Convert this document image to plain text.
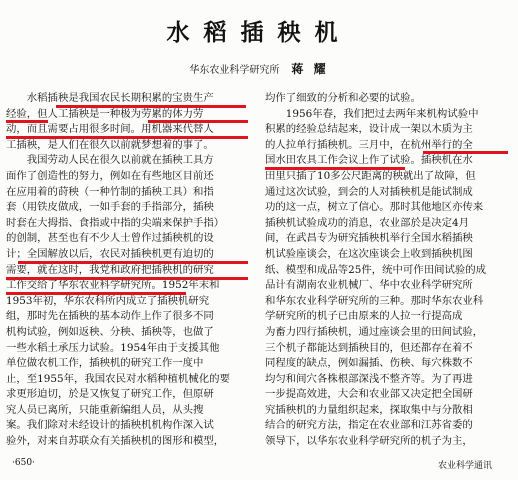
水稻插秧机
华东农业科学研究所 蒋 耀
　　水稻插秧是我国农民长期积累的宝贵生产
经验，但人工插秧是一种极为劳累的体力劳
动，而且需要占用很多时间。用机器来代替人
工插秧，是人们在很久以前就梦想着的事了。
　　我国劳动人民在很久以前就在插秧工具方
面作了创造性的努力，例如在有些地区目前还
在应用着的莳秧（一种竹制的插秧工具）和指
套（用铁皮做成，一如手套的手指部分，插秧
时套在大拇指、食指或中指的尖端来保护手指）
的创制，甚至也有不少人士曾作过插秧机的设
计；全国解放以后，农民对插秧机更有迫切的
需要，就在这时，我党和政府把插秧机的研究
工作交给了华东农业科学研究所。1952年末和
1953年初，华东农科所内成立了插秧机研究
组，那时先在插秧的基本动作上作了很多不同
机构试验，例如返秧、分秧、插秧等，也做了
一些水稻土承压力试验。1954年由于支援其他
单位做农机工作，插秧机的研究工作一度中
止，至1955年，我国农民对水稻种植机械化的要
求更形迫切，於是又恢复了研究工作，但原研
究人员已离所，只能重新编组人员，从头搜
案。我们除对未经设计的插秧机机构作深入试
验外，对来自苏联众有关插秧机的图形和模型，
均作了细致的分析和必要的试验。
　　1956年春，我们把过去两年来机构试验中
积累的经验总结起来，设计成一架以木质为主
的人拉单行插秧机。三月中，在杭州举行的全
国水田农具工作会议上作了试验。插秧机在水
田里只插了10多公尺距离的秧就出了故障，但
通过这次试验，到会的人对插秧机是能试制成
功的这一点，树立了信心。那时其他地区亦传来
插秧机试验成功的消息，农业部於是决定4月
间，在武昌专为研究插秧机举行全国水稻插秧
机试验座谈会，在这次座谈会上收到插秧机图
纸、模型和成品等25件，统中可作田间试验的成
品计有湖南农业机械厂、华中农业科学研究所
和华东农业科学研究所的三种。那时华东农业科
学研究所的机子已由原来的人拉一行提高成
为畜力四行插秧机，通过座谈会里的田间试验，
三个机子都能达到插秧目的，但还都存在着不
同程度的缺点，例如漏插、伤秧、每穴株数不
均匀和间穴各株根部深浅不整齐等。为了再进
一步提高效进，大会和农业部又决定把全国研
究插秧机的力量组织起来，探取集中与分散相
结合的研究方法，指定在农业部和江苏省委的
领导下，以华东农业科学研究所的机子为主，
·650·	农业科学通讯
